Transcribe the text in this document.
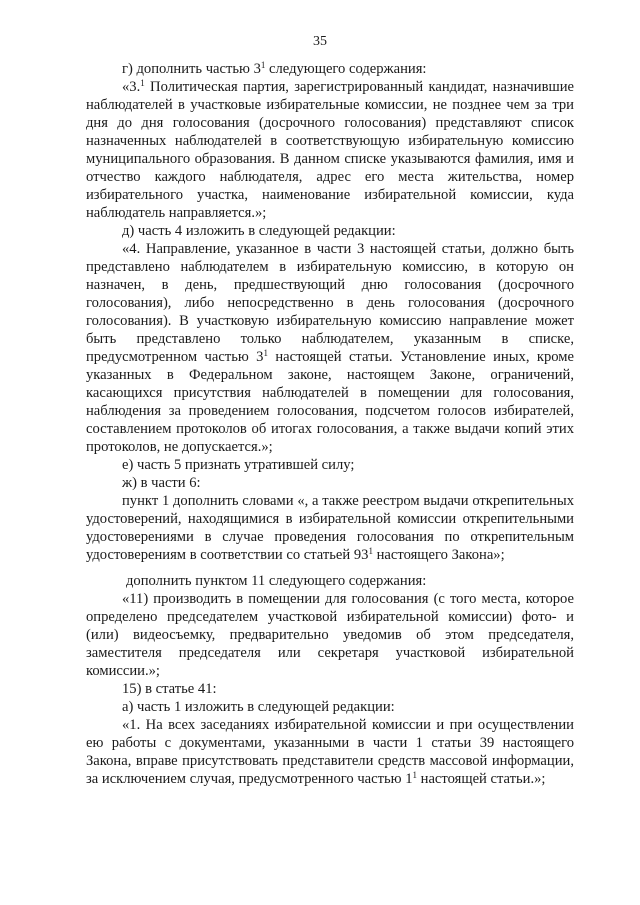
35

г) дополнить частью $3^1$ следующего содержания:

«3.$^1$ Политическая партия, зарегистрированный кандидат, назначившие наблюдателей в участковые избирательные комиссии, не позднее чем за три дня до дня голосования (досрочного голосования) представляют список назначенных наблюдателей в соответствующую избирательную комиссию муниципального образования. В данном списке указываются фамилия, имя и отчество каждого наблюдателя, адрес его места жительства, номер избирательного участка, наименование избирательной комиссии, куда наблюдатель направляется.»;

д) часть 4 изложить в следующей редакции:

«4. Направление, указанное в части 3 настоящей статьи, должно быть представлено наблюдателем в избирательную комиссию, в которую он назначен, в день, предшествующий дню голосования (досрочного голосования), либо непосредственно в день голосования (досрочного голосования). В участковую избирательную комиссию направление может быть представлено только наблюдателем, указанным в списке, предусмотренном частью $3^1$ настоящей статьи. Установление иных, кроме указанных в Федеральном законе, настоящем Законе, ограничений, касающихся присутствия наблюдателей в помещении для голосования, наблюдения за проведением голосования, подсчетом голосов избирателей, составлением протоколов об итогах голосования, а также выдачи копий этих протоколов, не допускается.»;

е) часть 5 признать утратившей силу;

ж) в части 6:

пункт 1 дополнить словами «, а также реестром выдачи открепительных удостоверений, находящимися в избирательной комиссии открепительными удостоверениями в случае проведения голосования по открепительным удостоверениям в соответствии со статьей $93^1$ настоящего Закона»;

дополнить пунктом 11 следующего содержания:

«11) производить в помещении для голосования (с того места, которое определено председателем участковой избирательной комиссии) фото- и (или) видеосъемку, предварительно уведомив об этом председателя, заместителя председателя или секретаря участковой избирательной комиссии.»;

15) в статье 41:

а) часть 1 изложить в следующей редакции:

«1. На всех заседаниях избирательной комиссии и при осуществлении ею работы с документами, указанными в части 1 статьи 39 настоящего Закона, вправе присутствовать представители средств массовой информации, за исключением случая, предусмотренного частью $1^1$ настоящей статьи.»;
